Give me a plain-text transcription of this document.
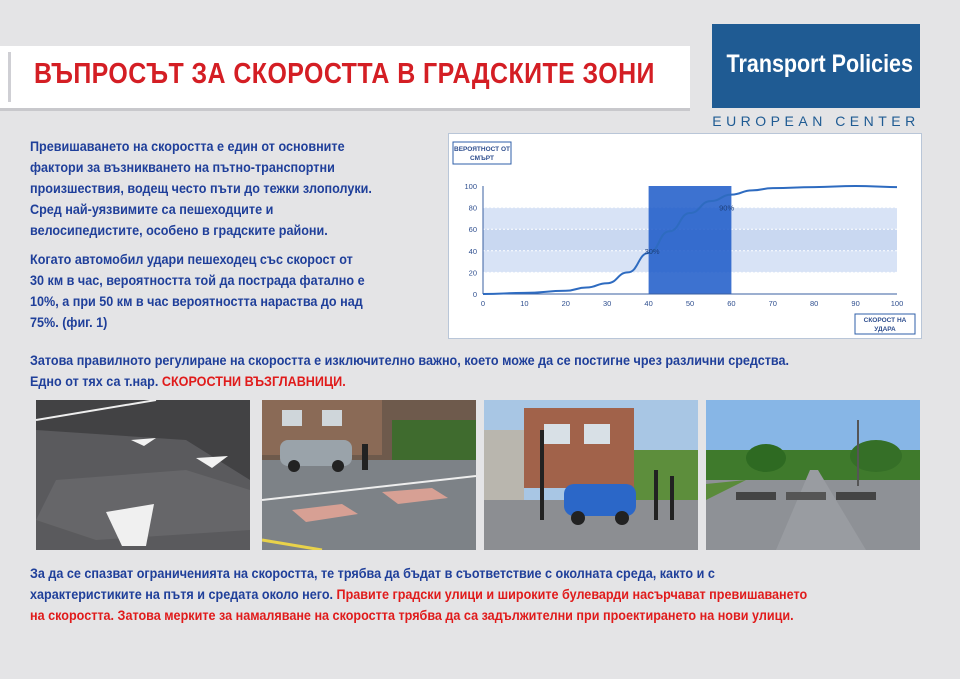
ВЪПРОСЪТ ЗА СКОРОСТТА В ГРАДСКИТЕ ЗОНИ	Transport Policies
EUROPEAN CENTER
Превишаването на скоростта е един от основните
фактори за възникването на пътно-транспортни
произшествия, водещ често пъти до тежки злополуки.
Сред най-уязвимите са пешеходците и
велосипедистите, особено в градските райони.
Когато автомобил удари пешеходец със скорост от
30 км в час, вероятността той да пострада фатално е
10%, а при 50 км в час вероятността нараства до над
75%. (фиг. 1)
ВЕРОЯТНОСТ ОТ
СМЪРТ
СКОРОСТ НА
УДАРА
0
20
40
60
80
100
0	10	20	30	40	50	60	70	80	90	100
30%
90%
Затова правилното регулиране на скоростта е изключително важно, което може да се постигне чрез различни средства.
Едно от тях са т.нар. СКОРОСТНИ ВЪЗГЛАВНИЦИ.
За да се спазват ограниченията на скоростта, те трябва да бъдат в съответствие с околната среда, както и с
характеристиките на пътя и средата около него. Правите градски улици и широките булеварди насърчават превишаването
на скоростта. Затова мерките за намаляване на скоростта трябва да са задължителни при проектирането на нови улици.
